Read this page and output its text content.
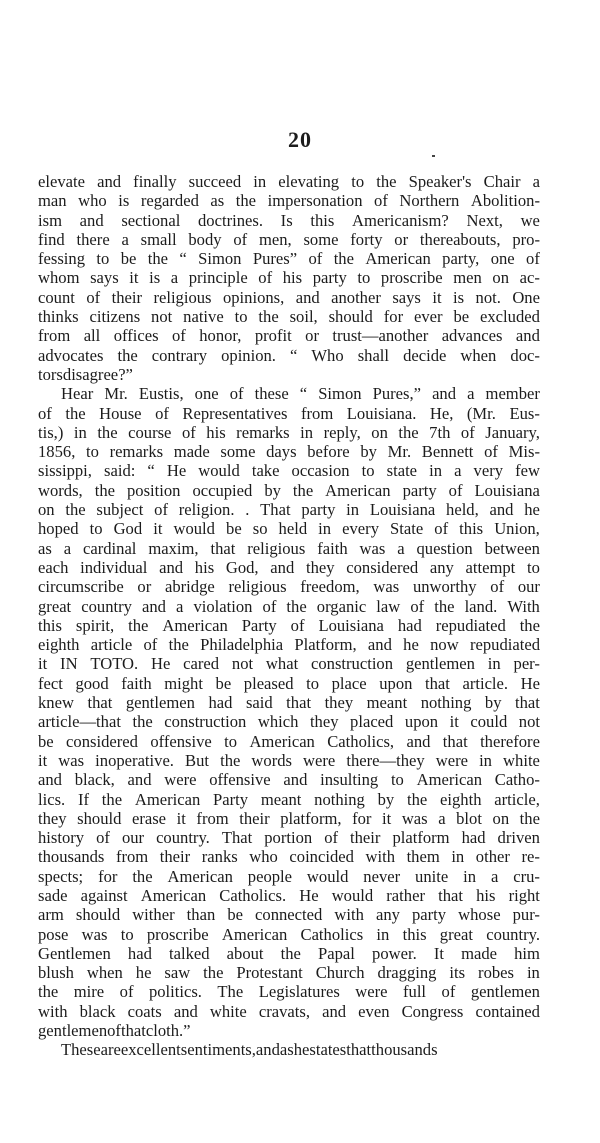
20
elevate and finally succeed in elevating to the Speaker's Chair a
man who is regarded as the impersonation of Northern Abolition-
ism and sectional doctrines. Is this Americanism? Next, we
find there a small body of men, some forty or thereabouts, pro-
fessing to be the “ Simon Pures” of the American party, one of
whom says it is a principle of his party to proscribe men on ac-
count of their religious opinions, and another says it is not. One
thinks citizens not native to the soil, should for ever be excluded
from all offices of honor, profit or trust—another advances and
advocates the contrary opinion. “ Who shall decide when doc-
tors disagree ?”
Hear Mr. Eustis, one of these “ Simon Pures,” and a member
of the House of Representatives from Louisiana. He, (Mr. Eus-
tis,) in the course of his remarks in reply, on the 7th of January,
1856, to remarks made some days before by Mr. Bennett of Mis-
sissippi, said: “ He would take occasion to state in a very few
words, the position occupied by the American party of Louisiana
on the subject of religion. . That party in Louisiana held, and he
hoped to God it would be so held in every State of this Union,
as a cardinal maxim, that religious faith was a question between
each individual and his God, and they considered any attempt to
circumscribe or abridge religious freedom, was unworthy of our
great country and a violation of the organic law of the land. With
this spirit, the American Party of Louisiana had repudiated the
eighth article of the Philadelphia Platform, and he now repudiated
it IN TOTO. He cared not what construction gentlemen in per-
fect good faith might be pleased to place upon that article. He
knew that gentlemen had said that they meant nothing by that
article—that the construction which they placed upon it could not
be considered offensive to American Catholics, and that therefore
it was inoperative. But the words were there—they were in white
and black, and were offensive and insulting to American Catho-
lics. If the American Party meant nothing by the eighth article,
they should erase it from their platform, for it was a blot on the
history of our country. That portion of their platform had driven
thousands from their ranks who coincided with them in other re-
spects; for the American people would never unite in a cru-
sade against American Catholics. He would rather that his right
arm should wither than be connected with any party whose pur-
pose was to proscribe American Catholics in this great country.
Gentlemen had talked about the Papal power. It made him
blush when he saw the Protestant Church dragging its robes in
the mire of politics. The Legislatures were full of gentlemen
with black coats and white cravats, and even Congress contained
gentlemen of that cloth.”
These are excellent sentiments, and as he states that thousands
